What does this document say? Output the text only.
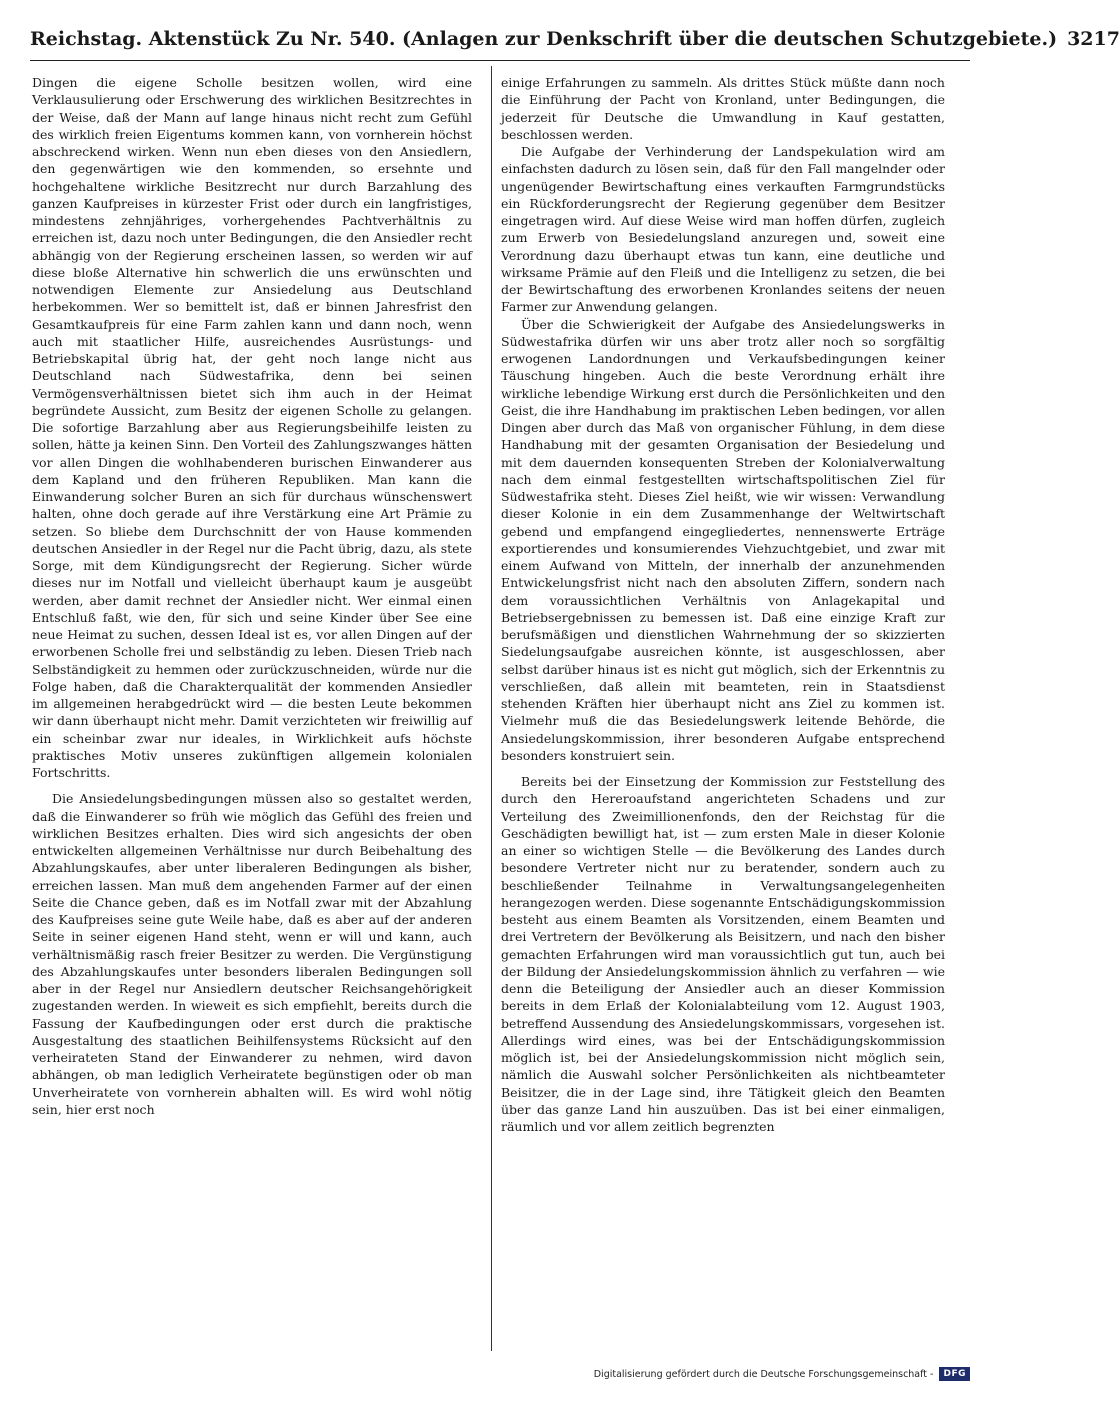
Reichstag. Aktenstück Zu Nr. 540. (Anlagen zur Denkschrift über die deutschen Schutzgebiete.) 3217

Dingen die eigene Scholle besitzen wollen, wird eine Verklausulierung oder Erschwerung des wirklichen Besitzrechtes in der Weise, daß der Mann auf lange hinaus nicht recht zum Gefühl des wirklich freien Eigentums kommen kann, von vornherein höchst abschreckend wirken. Wenn nun eben dieses von den Ansiedlern, den gegenwärtigen wie den kommenden, so ersehnte und hochgehaltene wirkliche Besitzrecht nur durch Barzahlung des ganzen Kaufpreises in kürzester Frist oder durch ein langfristiges, mindestens zehnjähriges, vorhergehendes Pachtverhältnis zu erreichen ist, dazu noch unter Bedingungen, die den Ansiedler recht abhängig von der Regierung erscheinen lassen, so werden wir auf diese bloße Alternative hin schwerlich die uns erwünschten und notwendigen Elemente zur Ansiedelung aus Deutschland herbekommen. Wer so bemittelt ist, daß er binnen Jahresfrist den Gesamtkaufpreis für eine Farm zahlen kann und dann noch, wenn auch mit staatlicher Hilfe, ausreichendes Ausrüstungs- und Betriebskapital übrig hat, der geht noch lange nicht aus Deutschland nach Südwestafrika, denn bei seinen Vermögensverhältnissen bietet sich ihm auch in der Heimat begründete Aussicht, zum Besitz der eigenen Scholle zu gelangen. Die sofortige Barzahlung aber aus Regierungsbeihilfe leisten zu sollen, hätte ja keinen Sinn. Den Vorteil des Zahlungszwanges hätten vor allen Dingen die wohlhabenderen burischen Einwanderer aus dem Kapland und den früheren Republiken. Man kann die Einwanderung solcher Buren an sich für durchaus wünschenswert halten, ohne doch gerade auf ihre Verstärkung eine Art Prämie zu setzen. So bliebe dem Durchschnitt der von Hause kommenden deutschen Ansiedler in der Regel nur die Pacht übrig, dazu, als stete Sorge, mit dem Kündigungsrecht der Regierung. Sicher würde dieses nur im Notfall und vielleicht überhaupt kaum je ausgeübt werden, aber damit rechnet der Ansiedler nicht. Wer einmal einen Entschluß faßt, wie den, für sich und seine Kinder über See eine neue Heimat zu suchen, dessen Ideal ist es, vor allen Dingen auf der erworbenen Scholle frei und selbständig zu leben. Diesen Trieb nach Selbständigkeit zu hemmen oder zurückzuschneiden, würde nur die Folge haben, daß die Charakterqualität der kommenden Ansiedler im allgemeinen herabgedrückt wird — die besten Leute bekommen wir dann überhaupt nicht mehr. Damit verzichteten wir freiwillig auf ein scheinbar zwar nur ideales, in Wirklichkeit aufs höchste praktisches Motiv unseres zukünftigen allgemein kolonialen Fortschritts.

Die Ansiedelungsbedingungen müssen also so gestaltet werden, daß die Einwanderer so früh wie möglich das Gefühl des freien und wirklichen Besitzes erhalten. Dies wird sich angesichts der oben entwickelten allgemeinen Verhältnisse nur durch Beibehaltung des Abzahlungskaufes, aber unter liberaleren Bedingungen als bisher, erreichen lassen. Man muß dem angehenden Farmer auf der einen Seite die Chance geben, daß es im Notfall zwar mit der Abzahlung des Kaufpreises seine gute Weile habe, daß es aber auf der anderen Seite in seiner eigenen Hand steht, wenn er will und kann, auch verhältnismäßig rasch freier Besitzer zu werden. Die Vergünstigung des Abzahlungskaufes unter besonders liberalen Bedingungen soll aber in der Regel nur Ansiedlern deutscher Reichsangehörigkeit zugestanden werden. In wieweit es sich empfiehlt, bereits durch die Fassung der Kaufbedingungen oder erst durch die praktische Ausgestaltung des staatlichen Beihilfensystems Rücksicht auf den verheirateten Stand der Einwanderer zu nehmen, wird davon abhängen, ob man lediglich Verheiratete begünstigen oder ob man Unverheiratete von vornherein abhalten will. Es wird wohl nötig sein, hier erst noch

einige Erfahrungen zu sammeln. Als drittes Stück müßte dann noch die Einführung der Pacht von Kronland, unter Bedingungen, die jederzeit für Deutsche die Umwandlung in Kauf gestatten, beschlossen werden.

Die Aufgabe der Verhinderung der Landspekulation wird am einfachsten dadurch zu lösen sein, daß für den Fall mangelnder oder ungenügender Bewirtschaftung eines verkauften Farmgrundstücks ein Rückforderungsrecht der Regierung gegenüber dem Besitzer eingetragen wird. Auf diese Weise wird man hoffen dürfen, zugleich zum Erwerb von Besiedelungsland anzuregen und, soweit eine Verordnung dazu überhaupt etwas tun kann, eine deutliche und wirksame Prämie auf den Fleiß und die Intelligenz zu setzen, die bei der Bewirtschaftung des erworbenen Kronlandes seitens der neuen Farmer zur Anwendung gelangen.

Über die Schwierigkeit der Aufgabe des Ansiedelungswerks in Südwestafrika dürfen wir uns aber trotz aller noch so sorgfältig erwogenen Landordnungen und Verkaufsbedingungen keiner Täuschung hingeben. Auch die beste Verordnung erhält ihre wirkliche lebendige Wirkung erst durch die Persönlichkeiten und den Geist, die ihre Handhabung im praktischen Leben bedingen, vor allen Dingen aber durch das Maß von organischer Fühlung, in dem diese Handhabung mit der gesamten Organisation der Besiedelung und mit dem dauernden konsequenten Streben der Kolonialverwaltung nach dem einmal festgestellten wirtschaftspolitischen Ziel für Südwestafrika steht. Dieses Ziel heißt, wie wir wissen: Verwandlung dieser Kolonie in ein dem Zusammenhange der Weltwirtschaft gebend und empfangend eingegliedertes, nennenswerte Erträge exportierendes und konsumierendes Viehzuchtgebiet, und zwar mit einem Aufwand von Mitteln, der innerhalb der anzunehmenden Entwickelungsfrist nicht nach den absoluten Ziffern, sondern nach dem voraussichtlichen Verhältnis von Anlagekapital und Betriebsergebnissen zu bemessen ist. Daß eine einzige Kraft zur berufsmäßigen und dienstlichen Wahrnehmung der so skizzierten Siedelungsaufgabe ausreichen könnte, ist ausgeschlossen, aber selbst darüber hinaus ist es nicht gut möglich, sich der Erkenntnis zu verschließen, daß allein mit beamteten, rein in Staatsdienst stehenden Kräften hier überhaupt nicht ans Ziel zu kommen ist. Vielmehr muß die das Besiedelungswerk leitende Behörde, die Ansiedelungskommission, ihrer besonderen Aufgabe entsprechend besonders konstruiert sein.

Bereits bei der Einsetzung der Kommission zur Feststellung des durch den Hereroaufstand angerichteten Schadens und zur Verteilung des Zweimillionenfonds, den der Reichstag für die Geschädigten bewilligt hat, ist — zum ersten Male in dieser Kolonie an einer so wichtigen Stelle — die Bevölkerung des Landes durch besondere Vertreter nicht nur zu beratender, sondern auch zu beschließender Teilnahme in Verwaltungsangelegenheiten herangezogen werden. Diese sogenannte Entschädigungskommission besteht aus einem Beamten als Vorsitzenden, einem Beamten und drei Vertretern der Bevölkerung als Beisitzern, und nach den bisher gemachten Erfahrungen wird man voraussichtlich gut tun, auch bei der Bildung der Ansiedelungskommission ähnlich zu verfahren — wie denn die Beteiligung der Ansiedler auch an dieser Kommission bereits in dem Erlaß der Kolonialabteilung vom 12. August 1903, betreffend Aussendung des Ansiedelungskommissars, vorgesehen ist. Allerdings wird eines, was bei der Entschädigungskommission möglich ist, bei der Ansiedelungskommission nicht möglich sein, nämlich die Auswahl solcher Persönlichkeiten als nichtbeamteter Beisitzer, die in der Lage sind, ihre Tätigkeit gleich den Beamten über das ganze Land hin auszuüben. Das ist bei einer einmaligen, räumlich und vor allem zeitlich begrenzten

Digitalisierung gefördert durch die Deutsche Forschungsgemeinschaft -	DFG
